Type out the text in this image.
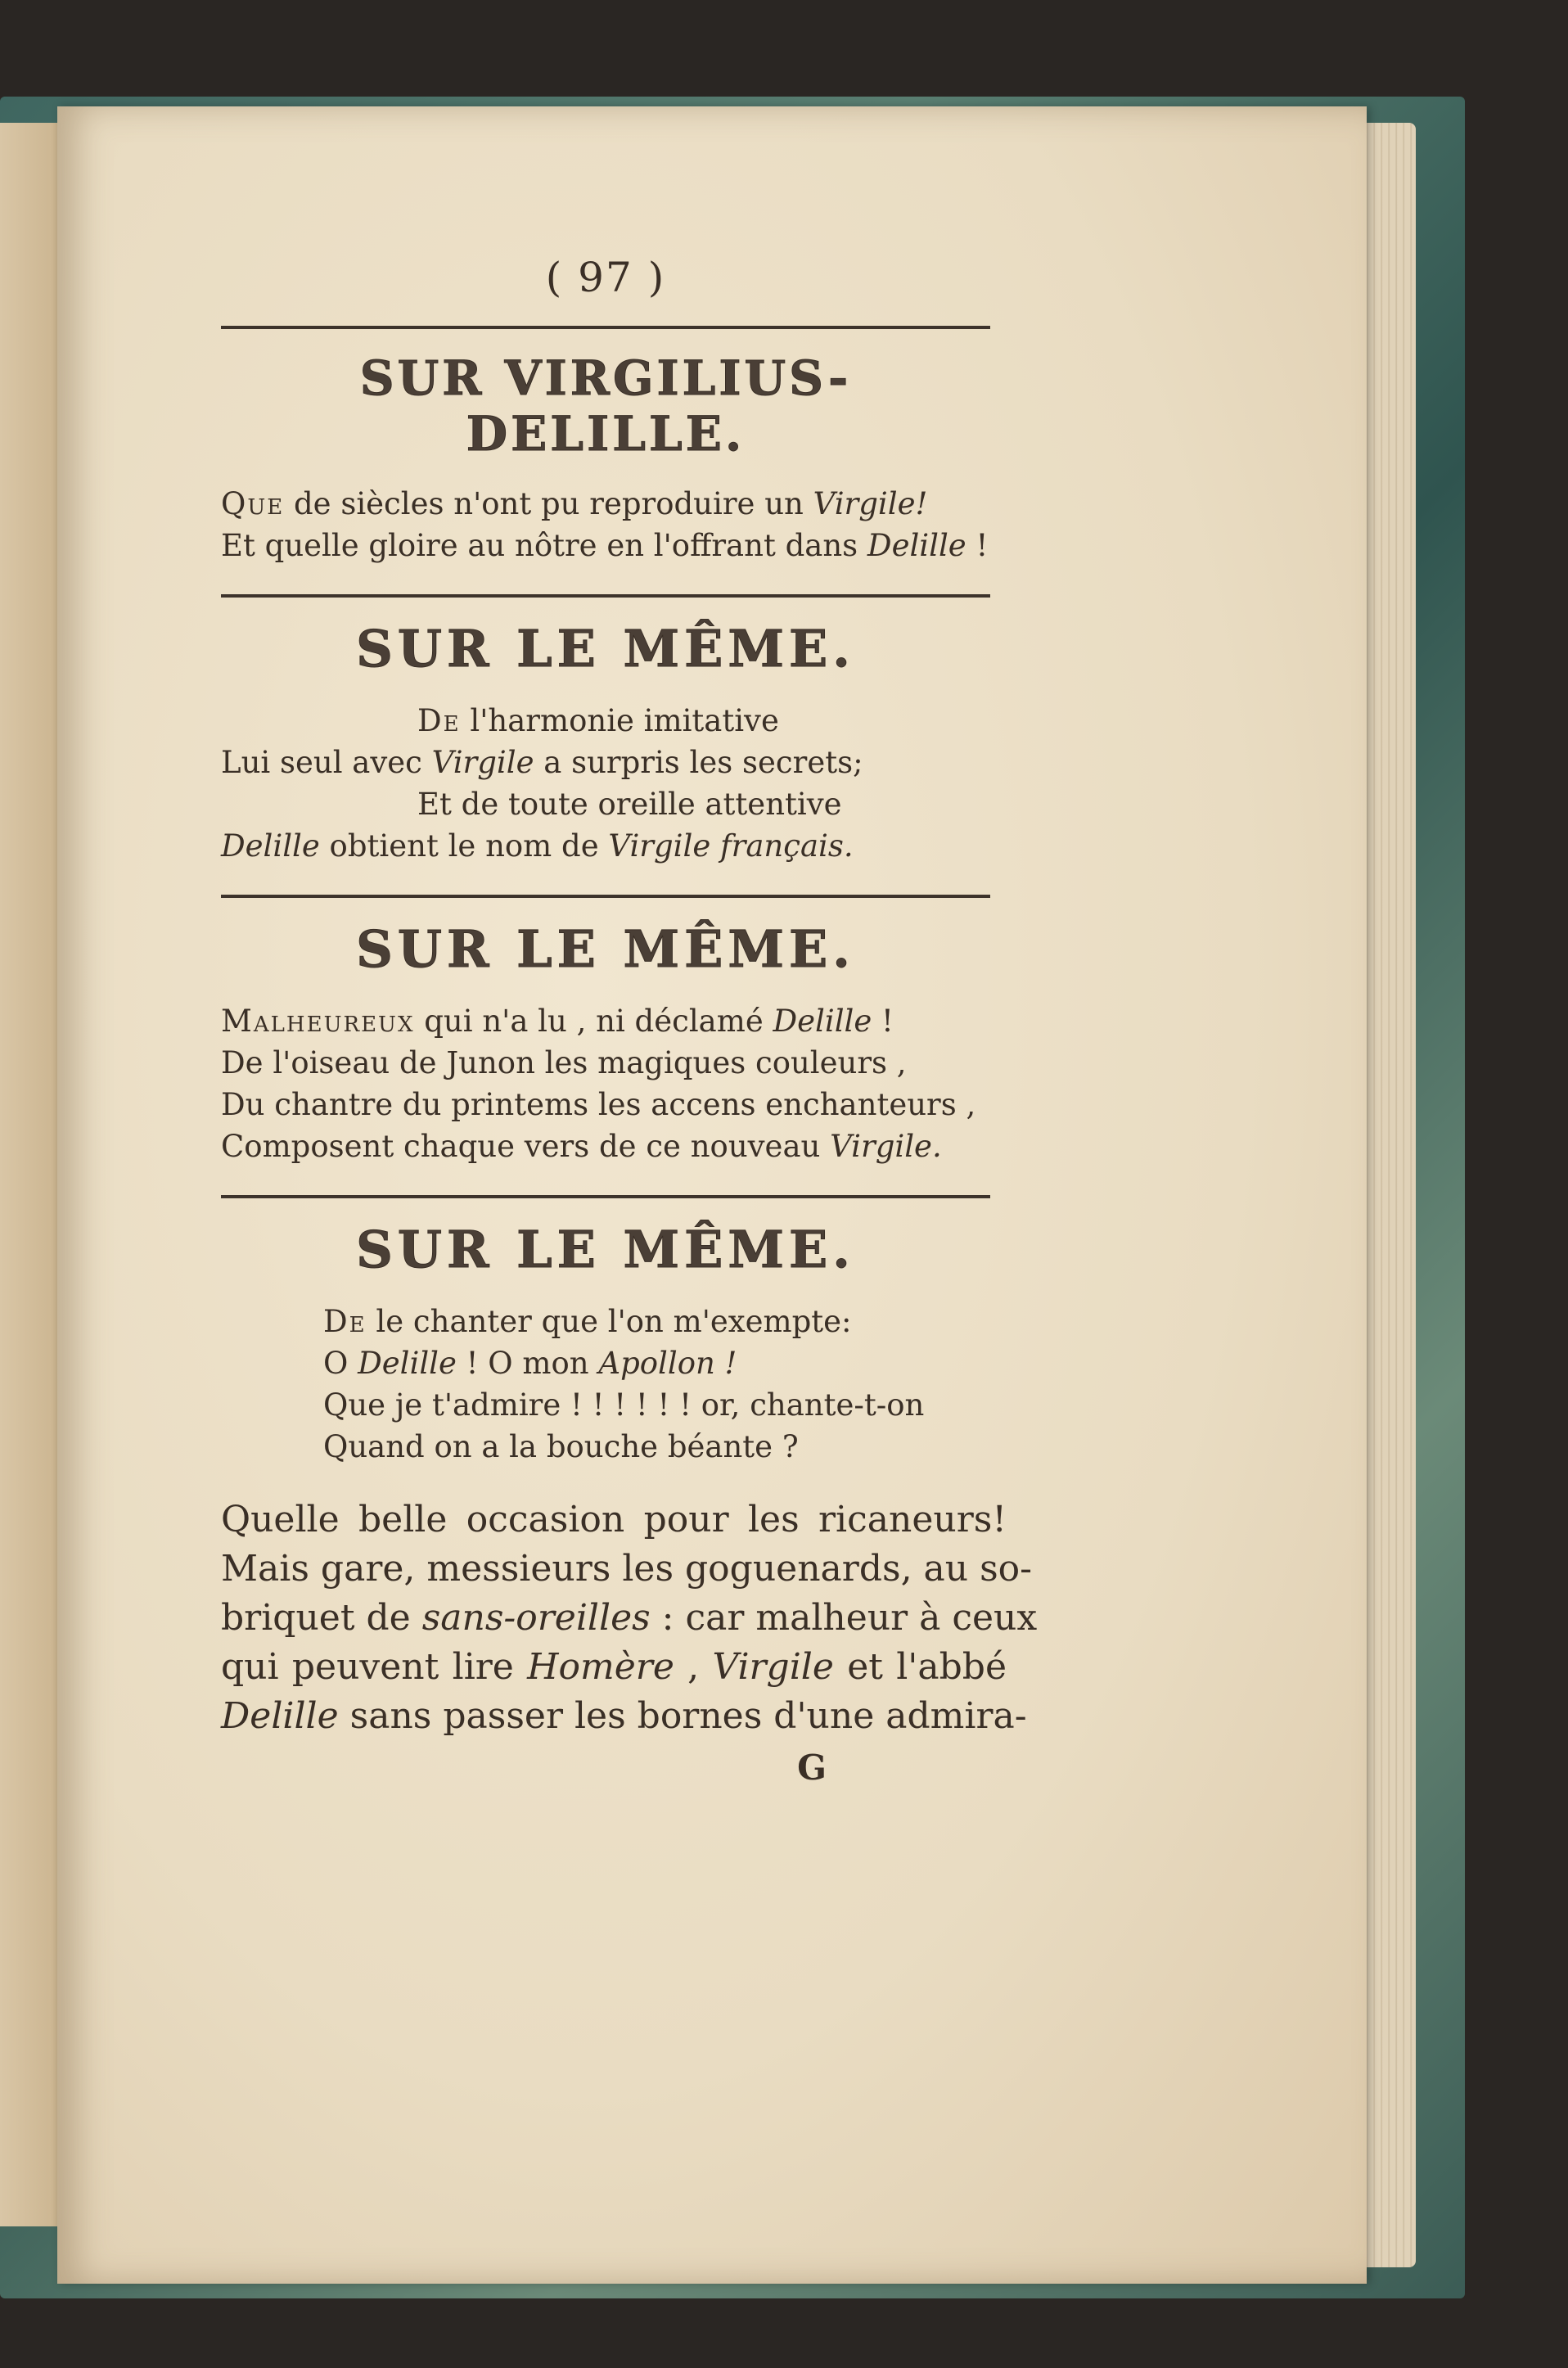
( 97 )
SUR VIRGILIUS-DELILLE.
Que de siècles n'ont pu reproduire un Virgile!
Et quelle gloire au nôtre en l'offrant dans Delille !
SUR LE MÊME.
De l'harmonie imitative
Lui seul avec Virgile a surpris les secrets;
Et de toute oreille attentive
Delille obtient le nom de Virgile français.
SUR LE MÊME.
Malheureux qui n'a lu , ni déclamé Delille !
De l'oiseau de Junon les magiques couleurs ,
Du chantre du printems les accens enchanteurs ,
Composent chaque vers de ce nouveau Virgile.
SUR LE MÊME.
De le chanter que l'on m'exempte:
O Delille ! O mon Apollon !
Que je t'admire ! ! ! ! ! ! or, chante-t-on
Quand on a la bouche béante ?
Quelle belle occasion pour les ricaneurs!
Mais gare, messieurs les goguenards, au so-
briquet de sans-oreilles : car malheur à ceux
qui peuvent lire Homère , Virgile et l'abbé
Delille sans passer les bornes d'une admira-
G
